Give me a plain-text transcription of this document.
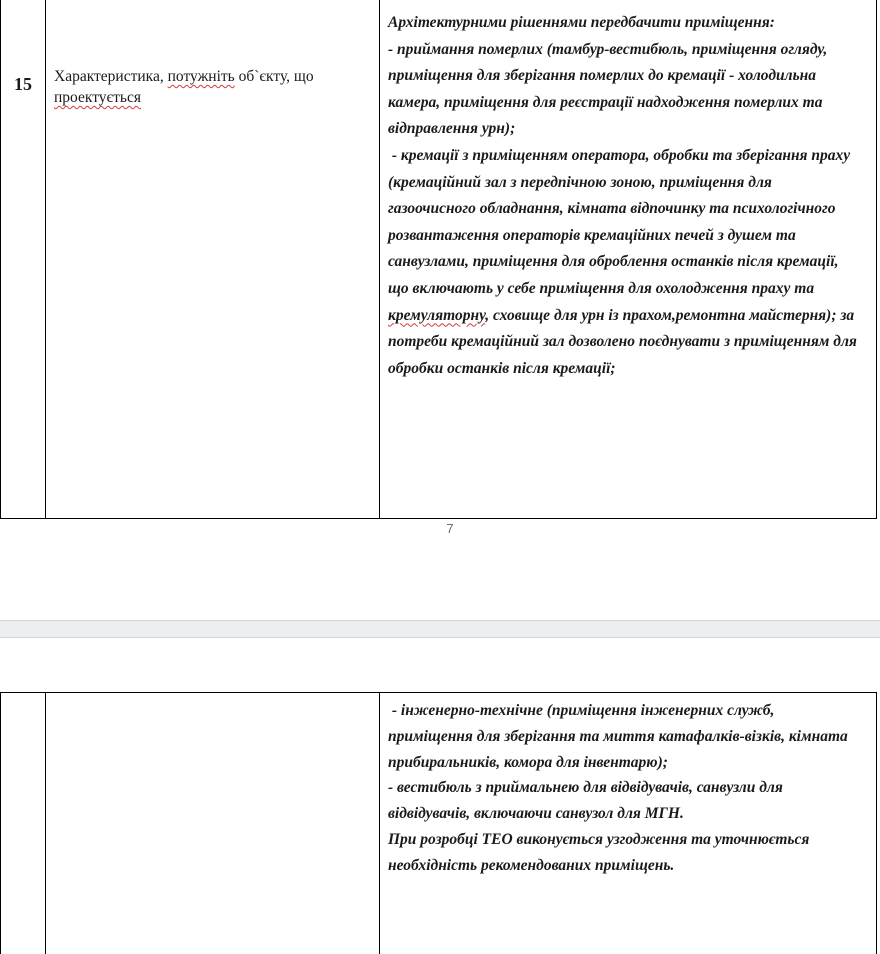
15	Характеристика, потужніть об`єкту, що проектується

Архітектурними рішеннями передбачити приміщення:

- приймання померлих (тамбур-вестибюль, приміщення огляду, приміщення для зберігання померлих до кремації - холодильна камера, приміщення для реєстрації надходження померлих та відправлення урн);

- кремації з приміщенням оператора, обробки та зберігання праху (кремаційний зал з передпічною зоною, приміщення для газоочисного обладнання, кімната відпочинку та психологічного розвантаження операторів кремаційних печей з душем та санвузлами, приміщення для оброблення останків після кремації, що включають у себе приміщення для охолодження праху та кремуляторну, сховище для урн із прахом,ремонтна майстерня); за потреби кремаційний зал дозволено поєднувати з приміщенням для обробки останків після кремації;

7

- інженерно-технічне (приміщення інженерних служб, приміщення для зберігання та миття катафалків-візків, кімната прибиральників, комора для інвентарю);

- вестибюль з приймальнею для відвідувачів, санвузли для  відвідувачів, включаючи санвузол для МГН.

При розробці ТЕО виконується узгодження та уточнюється необхідність рекомендованих приміщень.
